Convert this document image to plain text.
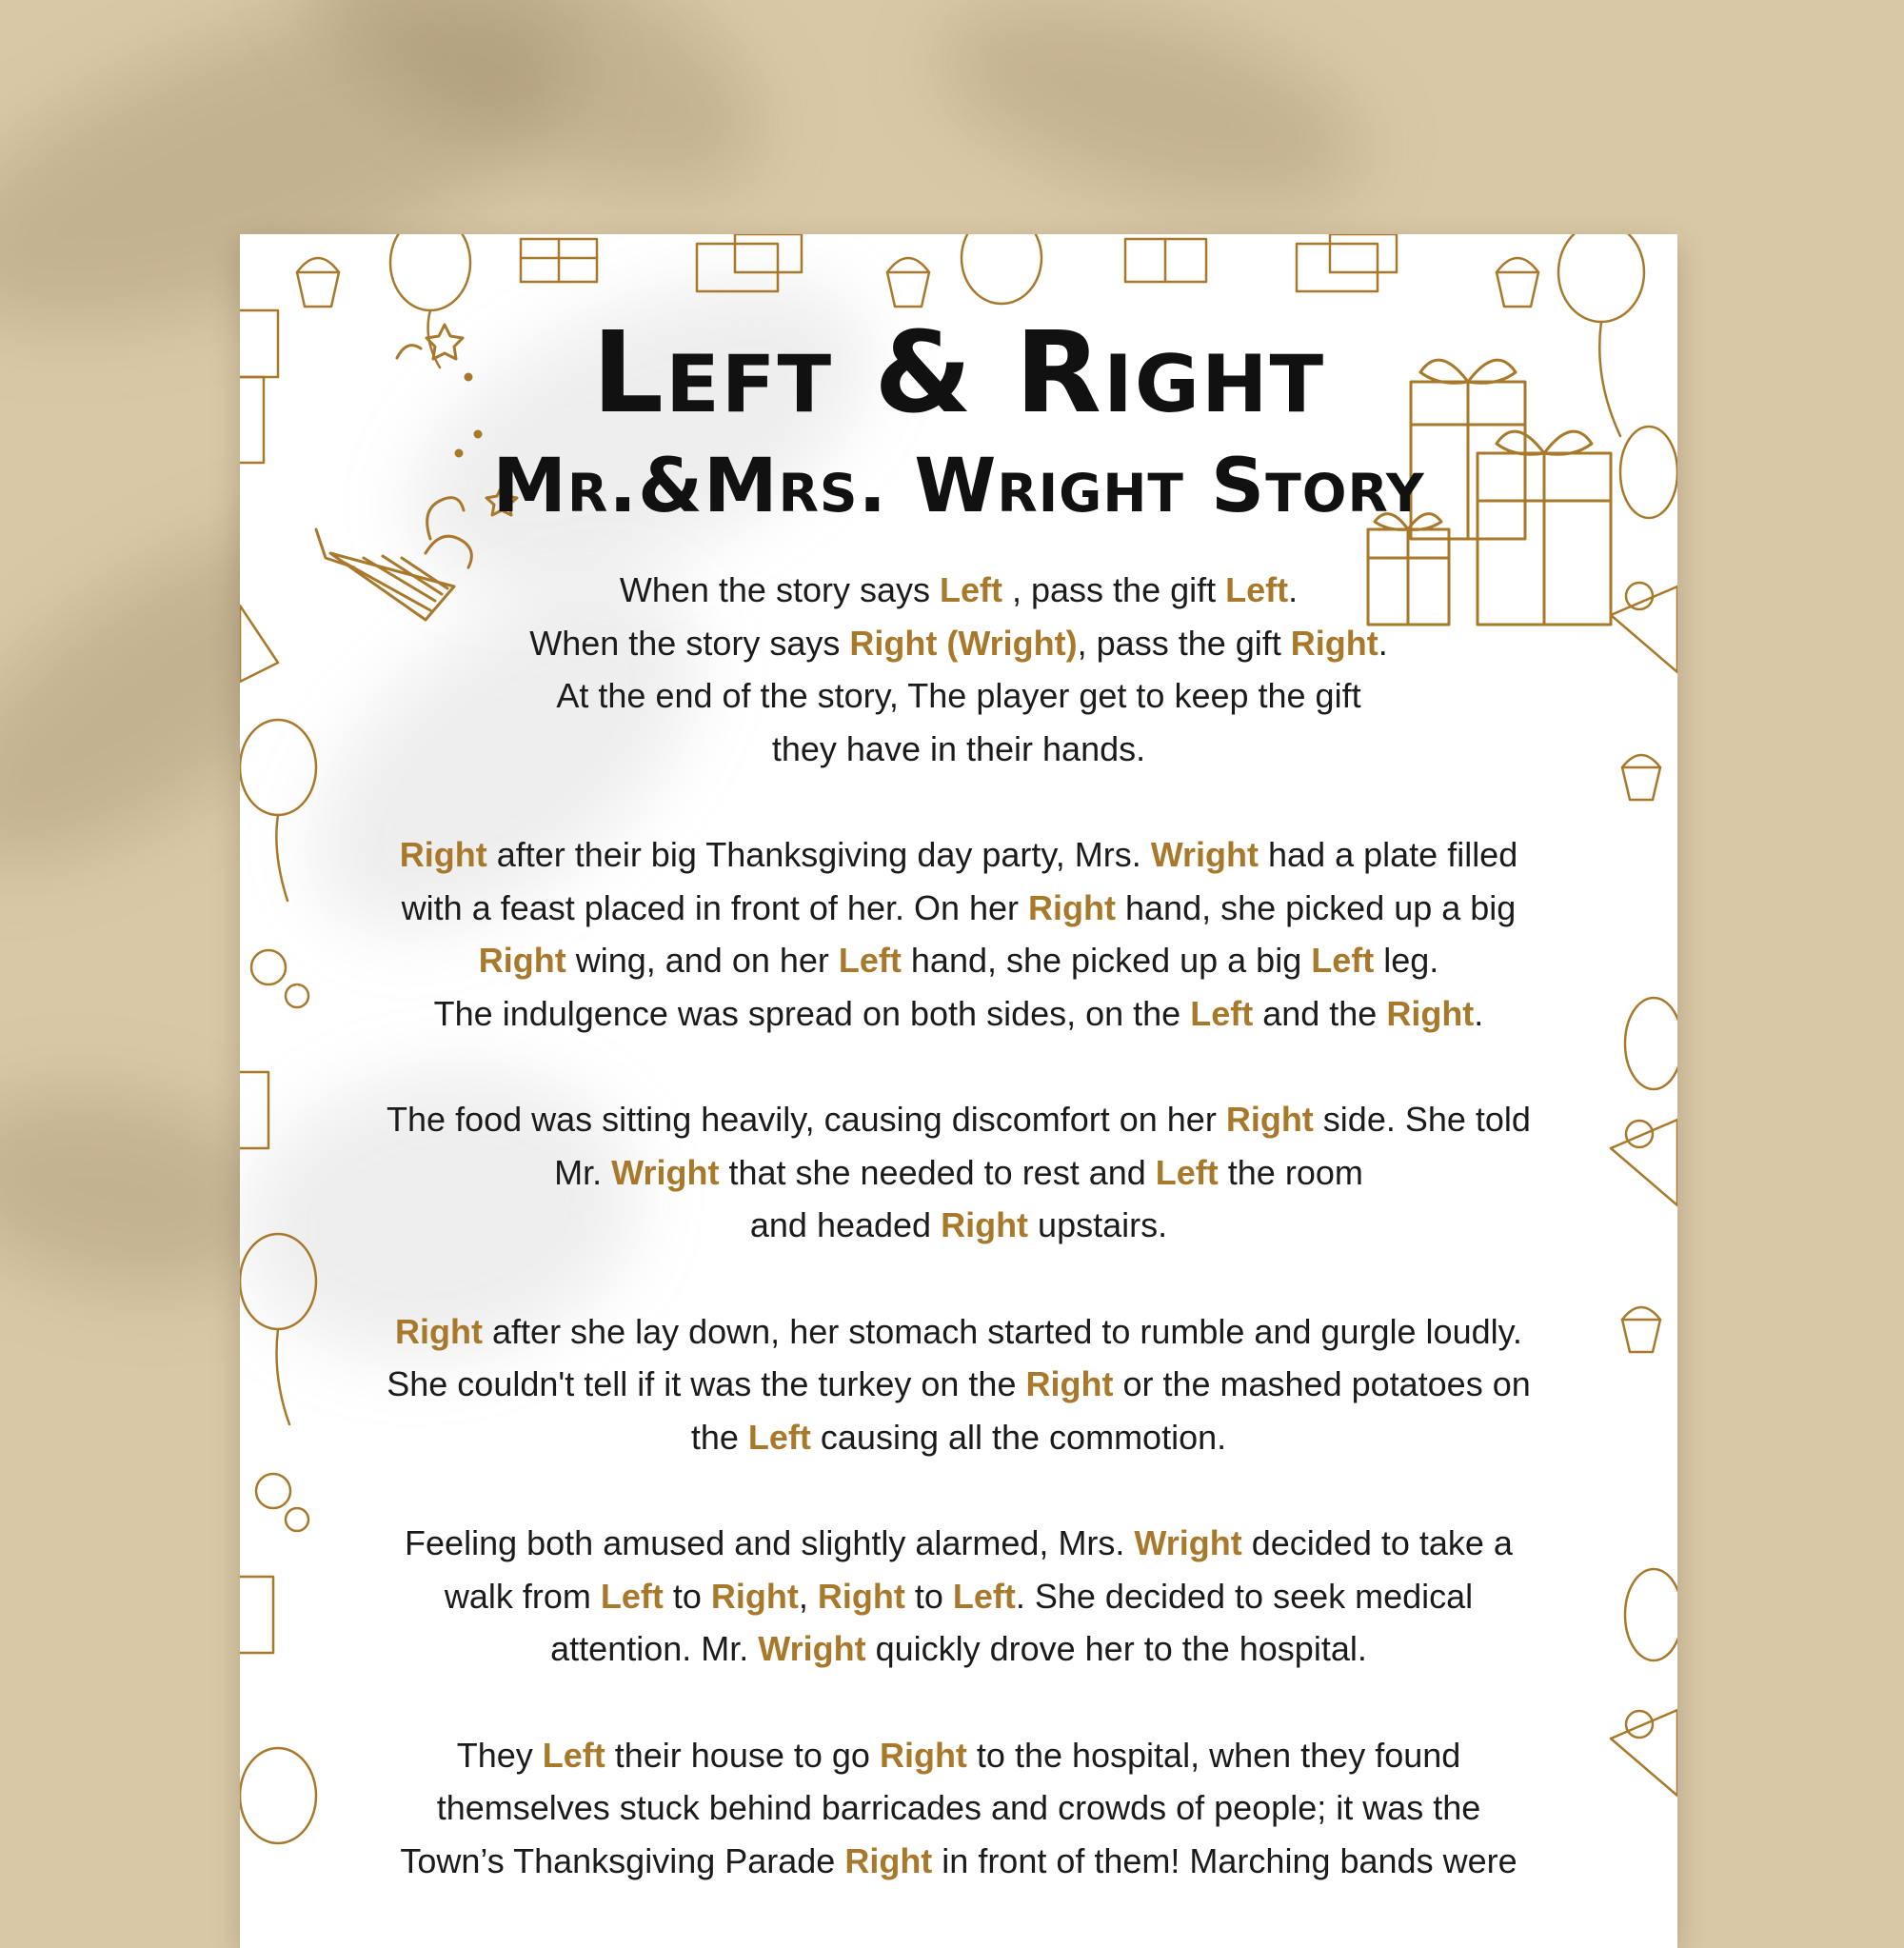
Left & Right
Mr.&Mrs. Wright Story

When the story says Left , pass the gift Left.
When the story says Right (Wright), pass the gift Right.
At the end of the story, The player get to keep the gift
they have in their hands.

Right after their big Thanksgiving day party, Mrs. Wright had a plate filled
with a feast placed in front of her. On her Right hand, she picked up a big
Right wing, and on her Left hand, she picked up a big Left leg.
The indulgence was spread on both sides, on the Left and the Right.

The food was sitting heavily, causing discomfort on her Right side. She told
Mr. Wright that she needed to rest and Left the room
and headed Right upstairs.

Right after she lay down, her stomach started to rumble and gurgle loudly.
She couldn't tell if it was the turkey on the Right or the mashed potatoes on
the Left causing all the commotion.

Feeling both amused and slightly alarmed, Mrs. Wright decided to take a
walk from Left to Right, Right to Left. She decided to seek medical
attention. Mr. Wright quickly drove her to the hospital.

They Left their house to go Right to the hospital, when they found
themselves stuck behind barricades and crowds of people; it was the
Town’s Thanksgiving Parade Right in front of them! Marching bands were
